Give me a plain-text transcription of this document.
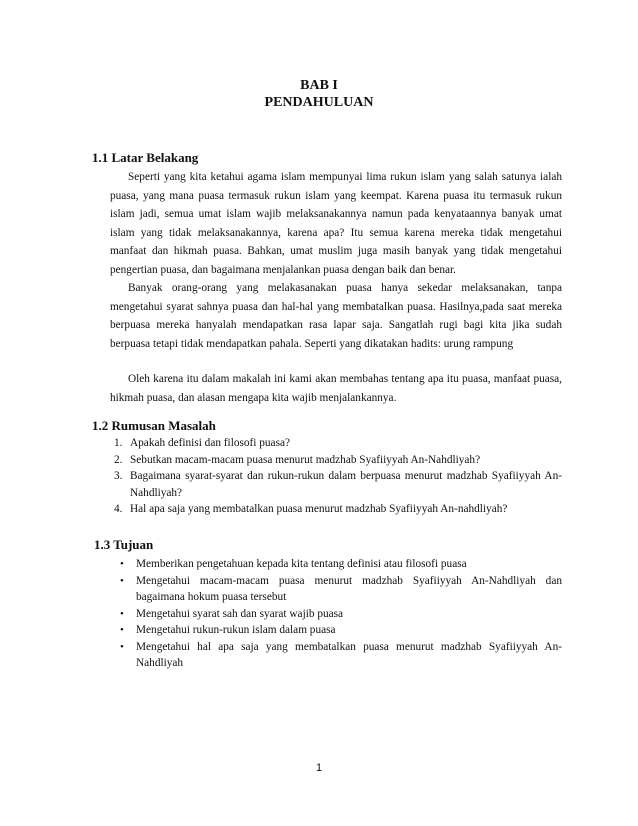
BAB I
PENDAHULUAN
1.1 Latar Belakang

Seperti yang kita ketahui agama islam mempunyai lima rukun islam yang salah satunya ialah puasa, yang mana puasa termasuk rukun islam yang keempat. Karena puasa itu termasuk rukun islam jadi, semua umat islam wajib melaksanakannya namun pada kenyataannya banyak umat islam yang tidak melaksanakannya, karena apa? Itu semua karena mereka tidak mengetahui manfaat dan hikmah puasa. Bahkan, umat muslim juga masih banyak yang tidak mengetahui pengertian puasa, dan bagaimana menjalankan puasa dengan baik dan benar.

Banyak orang-orang yang melakasanakan puasa hanya sekedar melaksanakan, tanpa mengetahui syarat sahnya puasa dan hal-hal yang membatalkan puasa. Hasilnya,pada saat mereka berpuasa mereka hanyalah mendapatkan rasa lapar saja. Sangatlah rugi bagi kita jika sudah berpuasa tetapi tidak mendapatkan pahala. Seperti yang dikatakan hadits: urung rampung

Oleh karena itu dalam makalah ini kami akan membahas tentang apa itu puasa, manfaat puasa, hikmah puasa, dan alasan mengapa kita wajib menjalankannya.

1.2 Rumusan Masalah
1. Apakah definisi dan filosofi puasa?
2. Sebutkan macam-macam puasa menurut madzhab Syafiiyyah An-Nahdliyah?
3. Bagaimana syarat-syarat dan rukun-rukun dalam berpuasa menurut madzhab Syafiiyyah An-Nahdliyah?
4. Hal apa saja yang membatalkan puasa menurut madzhab Syafiiyyah An-nahdliyah?
1.3 Tujuan
• Memberikan pengetahuan kepada kita tentang definisi atau filosofi puasa
• Mengetahui macam-macam puasa menurut madzhab Syafiiyyah An-Nahdliyah dan bagaimana hokum puasa tersebut
• Mengetahui syarat sah dan syarat wajib puasa
• Mengetahui rukun-rukun islam dalam puasa
• Mengetahui hal apa saja yang membatalkan puasa menurut madzhab Syafiiyyah An-Nahdliyah
1
